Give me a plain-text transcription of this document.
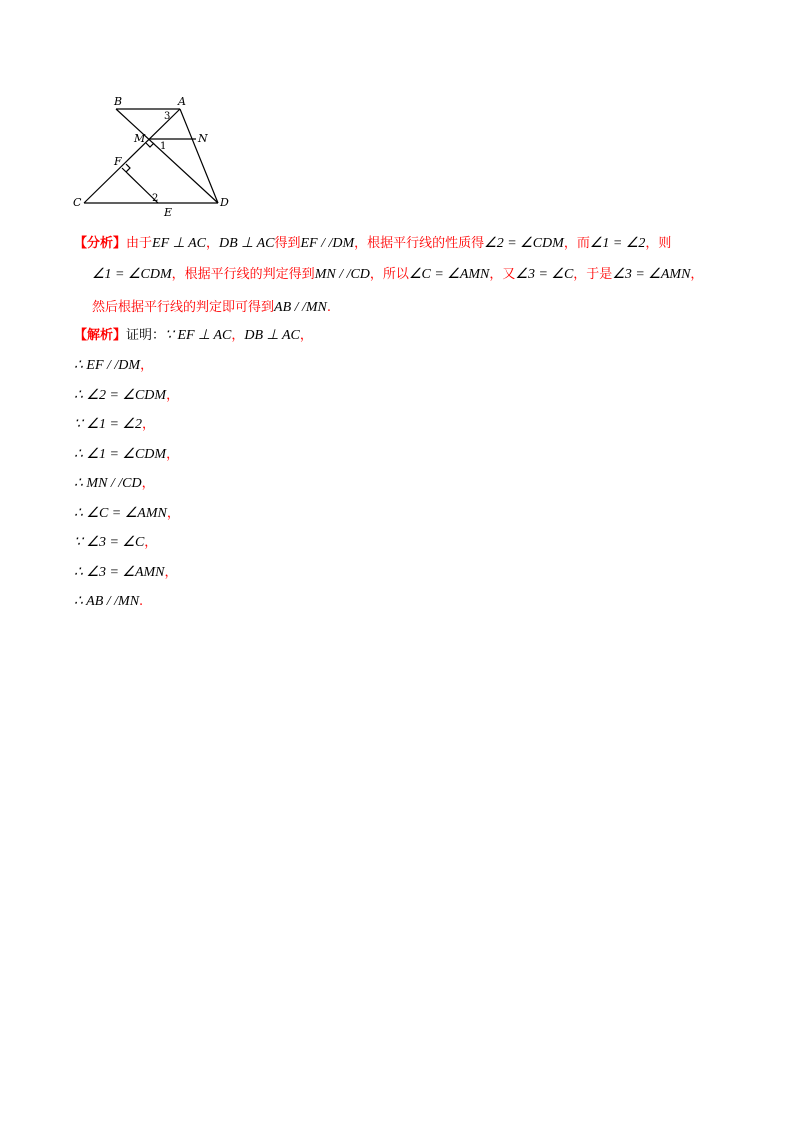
B	A
M	N
F
C	D
E
3
1
2
【分析】由于EF ⊥ AC，DB ⊥ AC得到EF / /DM，根据平行线的性质得∠2 = ∠CDM，而∠1 = ∠2，则
∠1 = ∠CDM，根据平行线的判定得到MN / /CD，所以∠C = ∠AMN，又∠3 = ∠C，于是∠3 = ∠AMN，
然后根据平行线的判定即可得到AB / /MN.
【解析】证明：∵ EF ⊥ AC，DB ⊥ AC，
∴ EF / /DM，
∴ ∠2 = ∠CDM，
∵ ∠1 = ∠2，
∴ ∠1 = ∠CDM，
∴ MN / /CD，
∴ ∠C = ∠AMN，
∵ ∠3 = ∠C，
∴ ∠3 = ∠AMN，
∴ AB / /MN.
